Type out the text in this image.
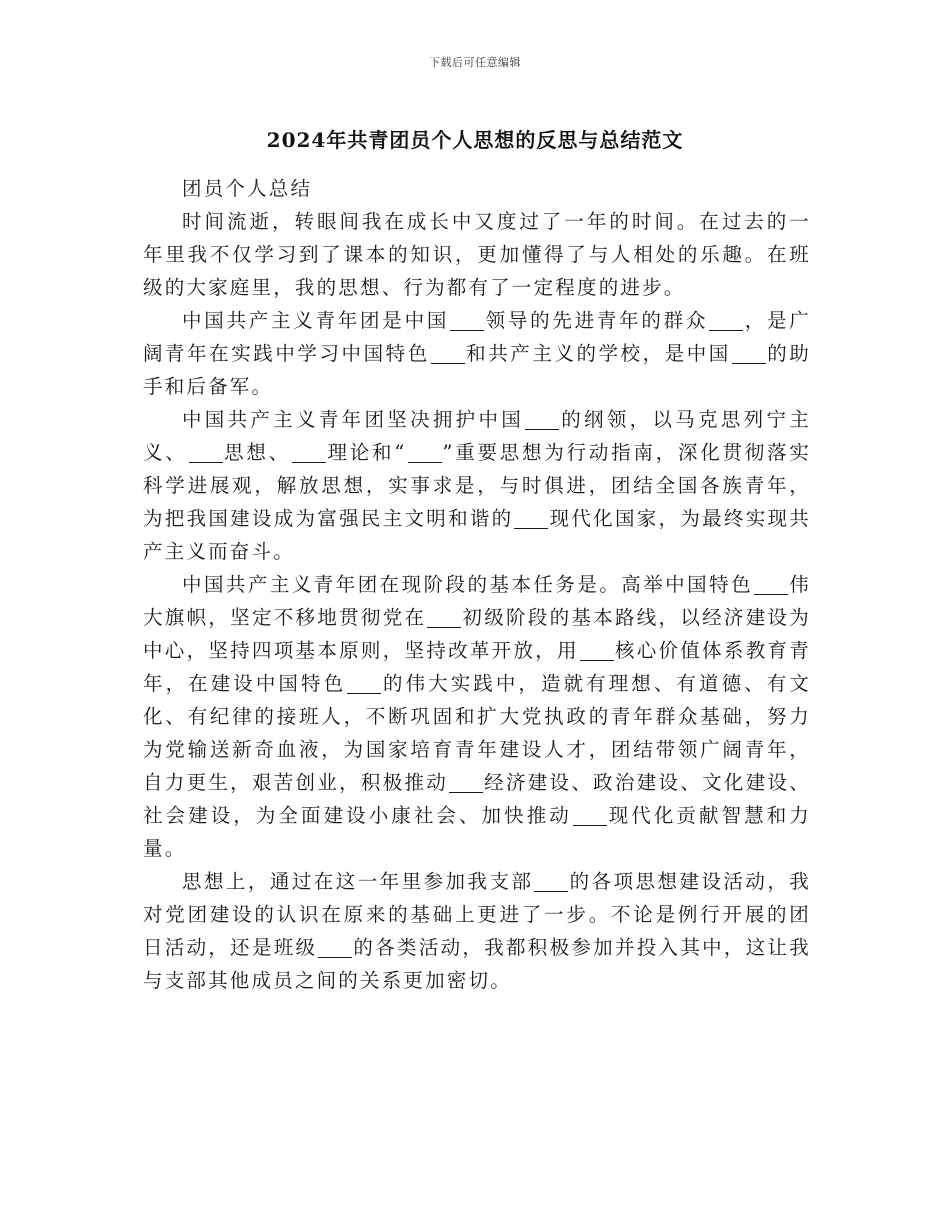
下载后可任意编辑
2024年共青团员个人思想的反思与总结范文

团员个人总结

时间流逝，转眼间我在成长中又度过了一年的时间。在过去的一年里我不仅学习到了课本的知识，更加懂得了与人相处的乐趣。在班级的大家庭里，我的思想、行为都有了一定程度的进步。

中国共产主义青年团是中国 领导的先进青年的群众 ，是广阔青年在实践中学习中国特色 和共产主义的学校，是中国 的助手和后备军。

中国共产主义青年团坚决拥护中国 的纲领，以马克思列宁主义、 思想、 理论和“ ”重要思想为行动指南，深化贯彻落实科学进展观，解放思想，实事求是，与时俱进，团结全国各族青年，为把我国建设成为富强民主文明和谐的 现代化国家，为最终实现共产主义而奋斗。

中国共产主义青年团在现阶段的基本任务是。高举中国特色 伟大旗帜，坚定不移地贯彻党在 初级阶段的基本路线，以经济建设为中心，坚持四项基本原则，坚持改革开放，用 核心价值体系教育青年，在建设中国特色 的伟大实践中，造就有理想、有道德、有文化、有纪律的接班人，不断巩固和扩大党执政的青年群众基础，努力为党输送新奇血液，为国家培育青年建设人才，团结带领广阔青年，自力更生，艰苦创业，积极推动 经济建设、政治建设、文化建设、社会建设，为全面建设小康社会、加快推动 现代化贡献智慧和力量。

思想上，通过在这一年里参加我支部 的各项思想建设活动，我对党团建设的认识在原来的基础上更进了一步。不论是例行开展的团日活动，还是班级 的各类活动，我都积极参加并投入其中，这让我与支部其他成员之间的关系更加密切。
